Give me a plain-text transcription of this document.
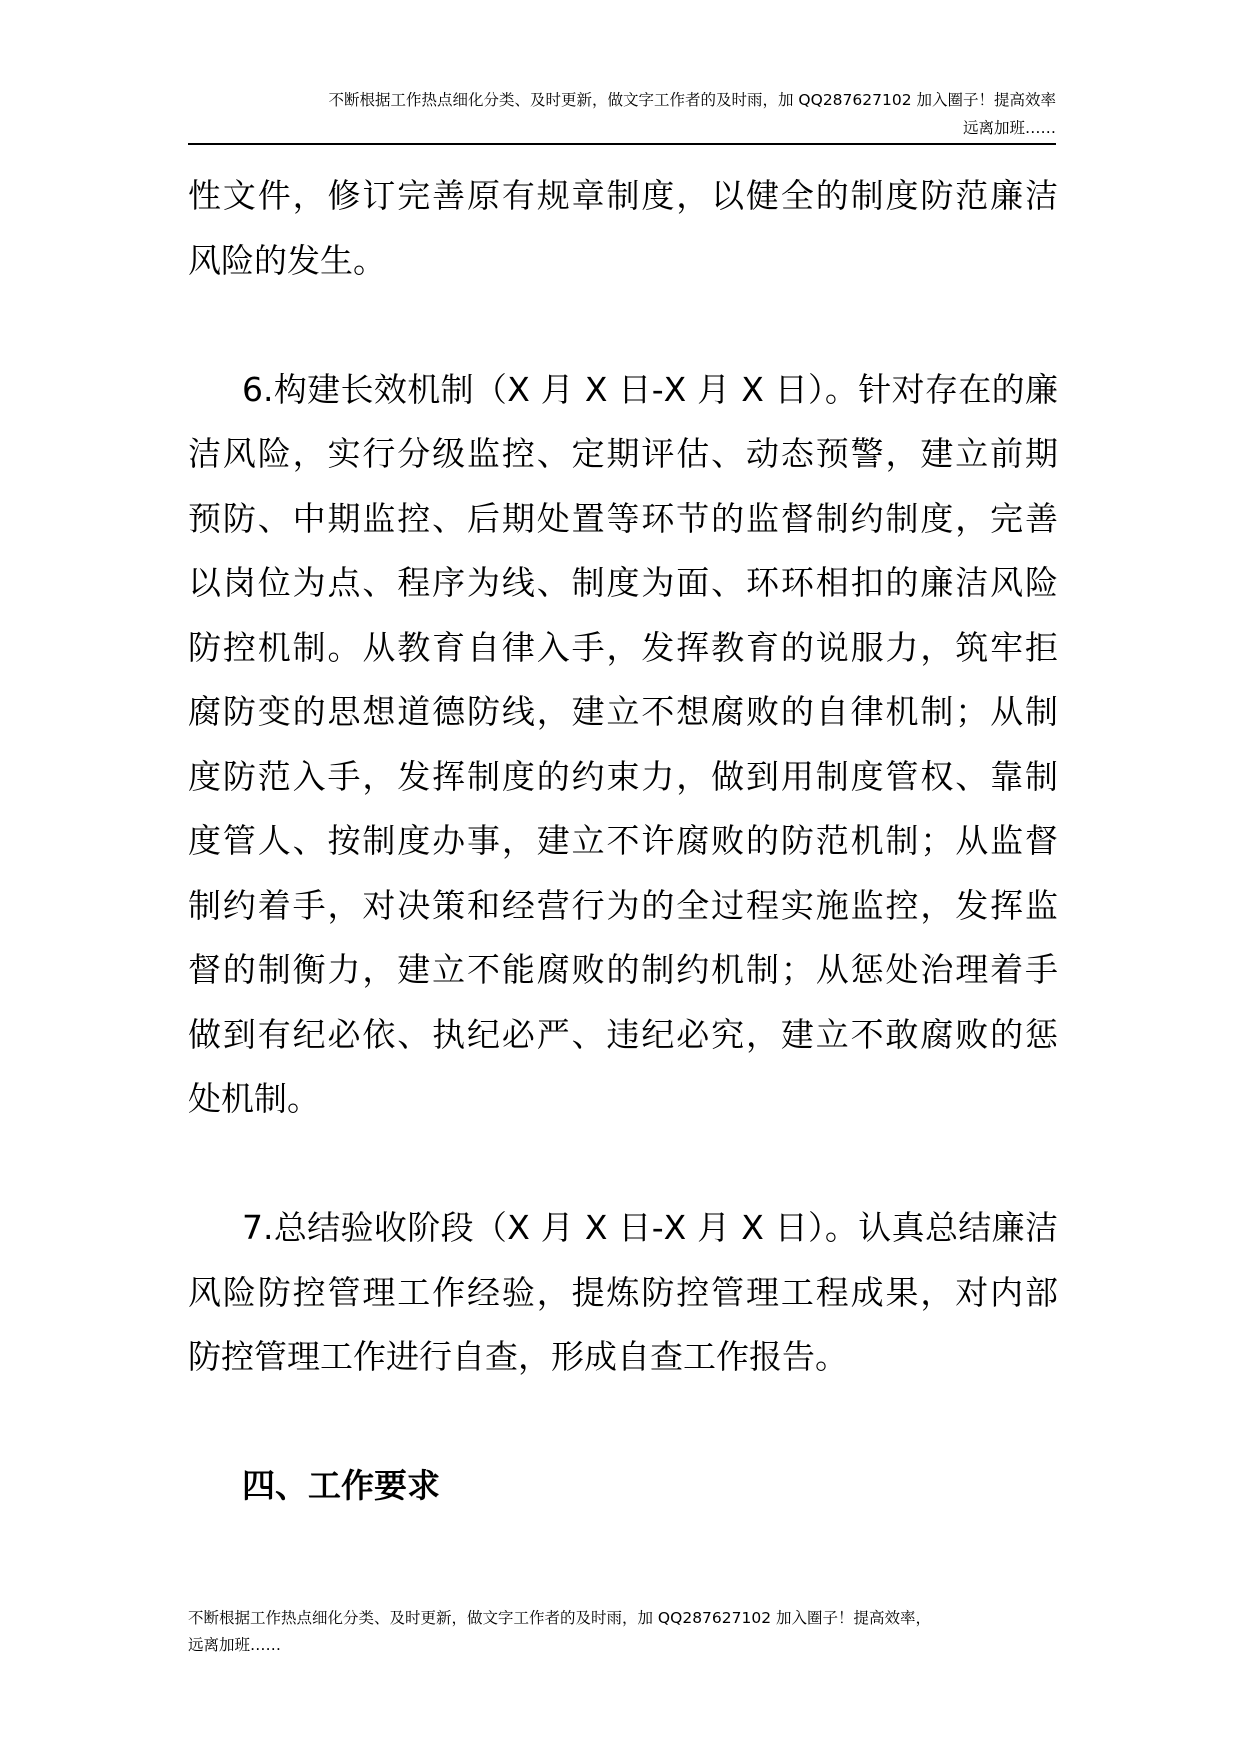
不断根据工作热点细化分类、及时更新，做文字工作者的及时雨，加 QQ287627102 加入圈子！提高效率
远离加班……
性文件，修订完善原有规章制度，以健全的制度防范廉洁
风险的发生。
6.构建长效机制（X 月 X 日-X 月 X 日）。针对存在的廉
洁风险，实行分级监控、定期评估、动态预警，建立前期
预防、中期监控、后期处置等环节的监督制约制度，完善
以岗位为点、程序为线、制度为面、环环相扣的廉洁风险
防控机制。从教育自律入手，发挥教育的说服力，筑牢拒
腐防变的思想道德防线，建立不想腐败的自律机制；从制
度防范入手，发挥制度的约束力，做到用制度管权、靠制
度管人、按制度办事，建立不许腐败的防范机制；从监督
制约着手，对决策和经营行为的全过程实施监控，发挥监
督的制衡力，建立不能腐败的制约机制；从惩处治理着手
做到有纪必依、执纪必严、违纪必究，建立不敢腐败的惩
处机制。
7.总结验收阶段（X 月 X 日-X 月 X 日）。认真总结廉洁
风险防控管理工作经验，提炼防控管理工程成果，对内部
防控管理工作进行自查，形成自查工作报告。
四、工作要求
不断根据工作热点细化分类、及时更新，做文字工作者的及时雨，加 QQ287627102 加入圈子！提高效率，
远离加班……
